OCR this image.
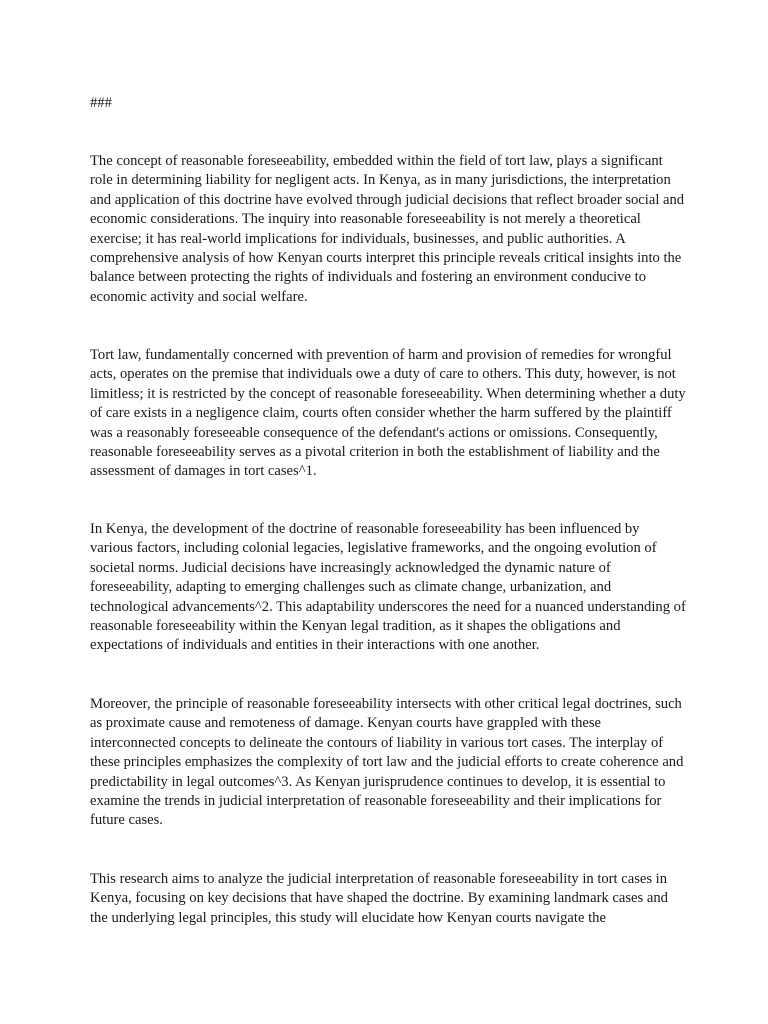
###

The concept of reasonable foreseeability, embedded within the field of tort law, plays a significant role in determining liability for negligent acts. In Kenya, as in many jurisdictions, the interpretation and application of this doctrine have evolved through judicial decisions that reflect broader social and economic considerations. The inquiry into reasonable foreseeability is not merely a theoretical exercise; it has real-world implications for individuals, businesses, and public authorities. A comprehensive analysis of how Kenyan courts interpret this principle reveals critical insights into the balance between protecting the rights of individuals and fostering an environment conducive to economic activity and social welfare.

Tort law, fundamentally concerned with prevention of harm and provision of remedies for wrongful acts, operates on the premise that individuals owe a duty of care to others. This duty, however, is not limitless; it is restricted by the concept of reasonable foreseeability. When determining whether a duty of care exists in a negligence claim, courts often consider whether the harm suffered by the plaintiff was a reasonably foreseeable consequence of the defendant's actions or omissions. Consequently, reasonable foreseeability serves as a pivotal criterion in both the establishment of liability and the assessment of damages in tort cases^1.

In Kenya, the development of the doctrine of reasonable foreseeability has been influenced by various factors, including colonial legacies, legislative frameworks, and the ongoing evolution of societal norms. Judicial decisions have increasingly acknowledged the dynamic nature of foreseeability, adapting to emerging challenges such as climate change, urbanization, and technological advancements^2. This adaptability underscores the need for a nuanced understanding of reasonable foreseeability within the Kenyan legal tradition, as it shapes the obligations and expectations of individuals and entities in their interactions with one another.

Moreover, the principle of reasonable foreseeability intersects with other critical legal doctrines, such as proximate cause and remoteness of damage. Kenyan courts have grappled with these interconnected concepts to delineate the contours of liability in various tort cases. The interplay of these principles emphasizes the complexity of tort law and the judicial efforts to create coherence and predictability in legal outcomes^3. As Kenyan jurisprudence continues to develop, it is essential to examine the trends in judicial interpretation of reasonable foreseeability and their implications for future cases.

This research aims to analyze the judicial interpretation of reasonable foreseeability in tort cases in Kenya, focusing on key decisions that have shaped the doctrine. By examining landmark cases and the underlying legal principles, this study will elucidate how Kenyan courts navigate the
